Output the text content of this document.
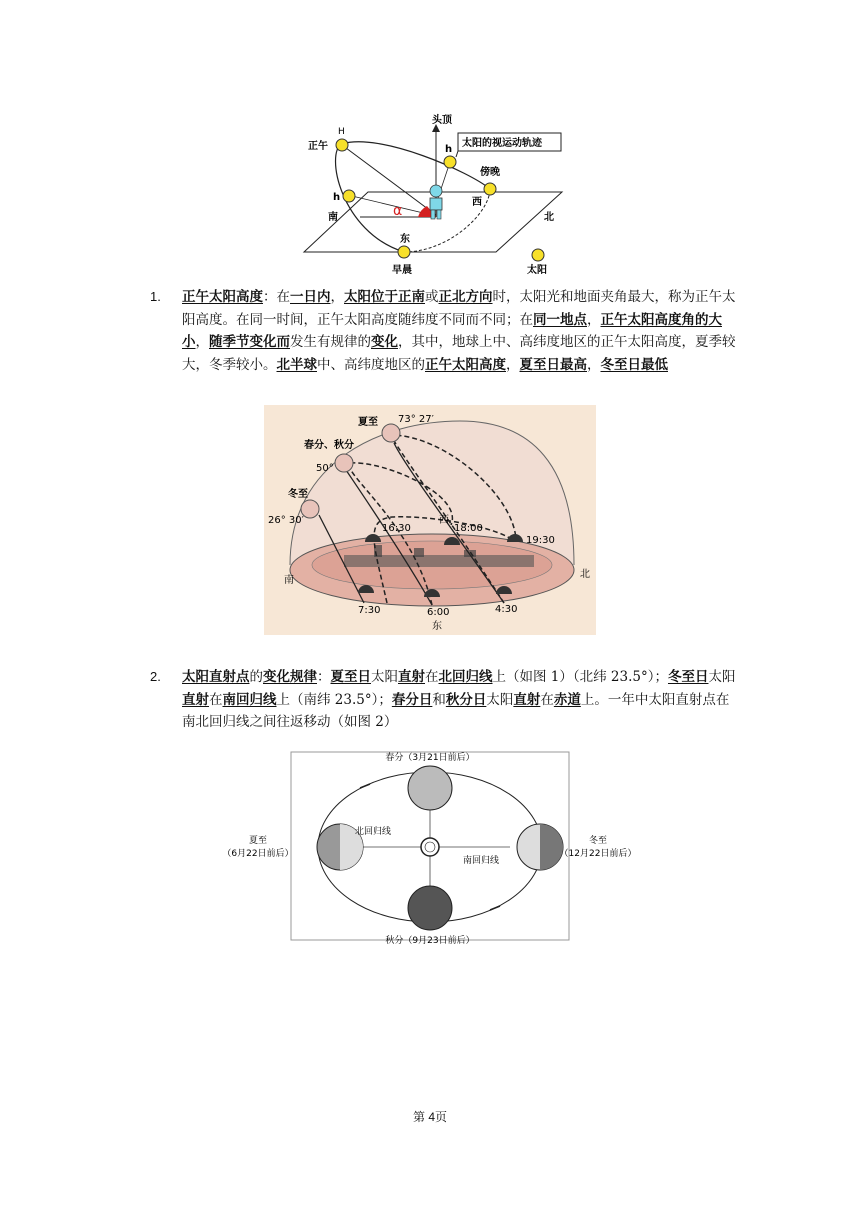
头顶
正午
H
h
h
太阳的视运动轨迹
傍晚
南
西
北
东
α
早晨	太阳
1. 正午太阳高度：在一日内，太阳位于正南或正北方向时，太阳光和地面夹角最大，称为正午太阳高度。在同一时间，正午太阳高度随纬度不同而不同；在同一地点，正午太阳高度角的大小，随季节变化而发生有规律的变化，其中，地球上中、高纬度地区的正午太阳高度，夏季较大，冬季较小。北半球中、高纬度地区的正午太阳高度，夏至日最高，冬至日最低
夏至 73° 27′
春分、秋分
50°
冬至
26° 30′
16:30
西
18:00
19:30
南
北
7:30	6:00	4:30
东
2. 太阳直射点的变化规律：夏至日太阳直射在北回归线上（如图 1）（北纬 23.5°）；冬至日太阳直射在南回归线上（南纬 23.5°）；春分日和秋分日太阳直射在赤道上。一年中太阳直射点在南北回归线之间往返移动（如图 2）
春分（3月21日前后）
秋分（9月23日前后）
夏至
（6月22日前后）
冬至
（12月22日前后）
北回归线
南回归线
第 4页
